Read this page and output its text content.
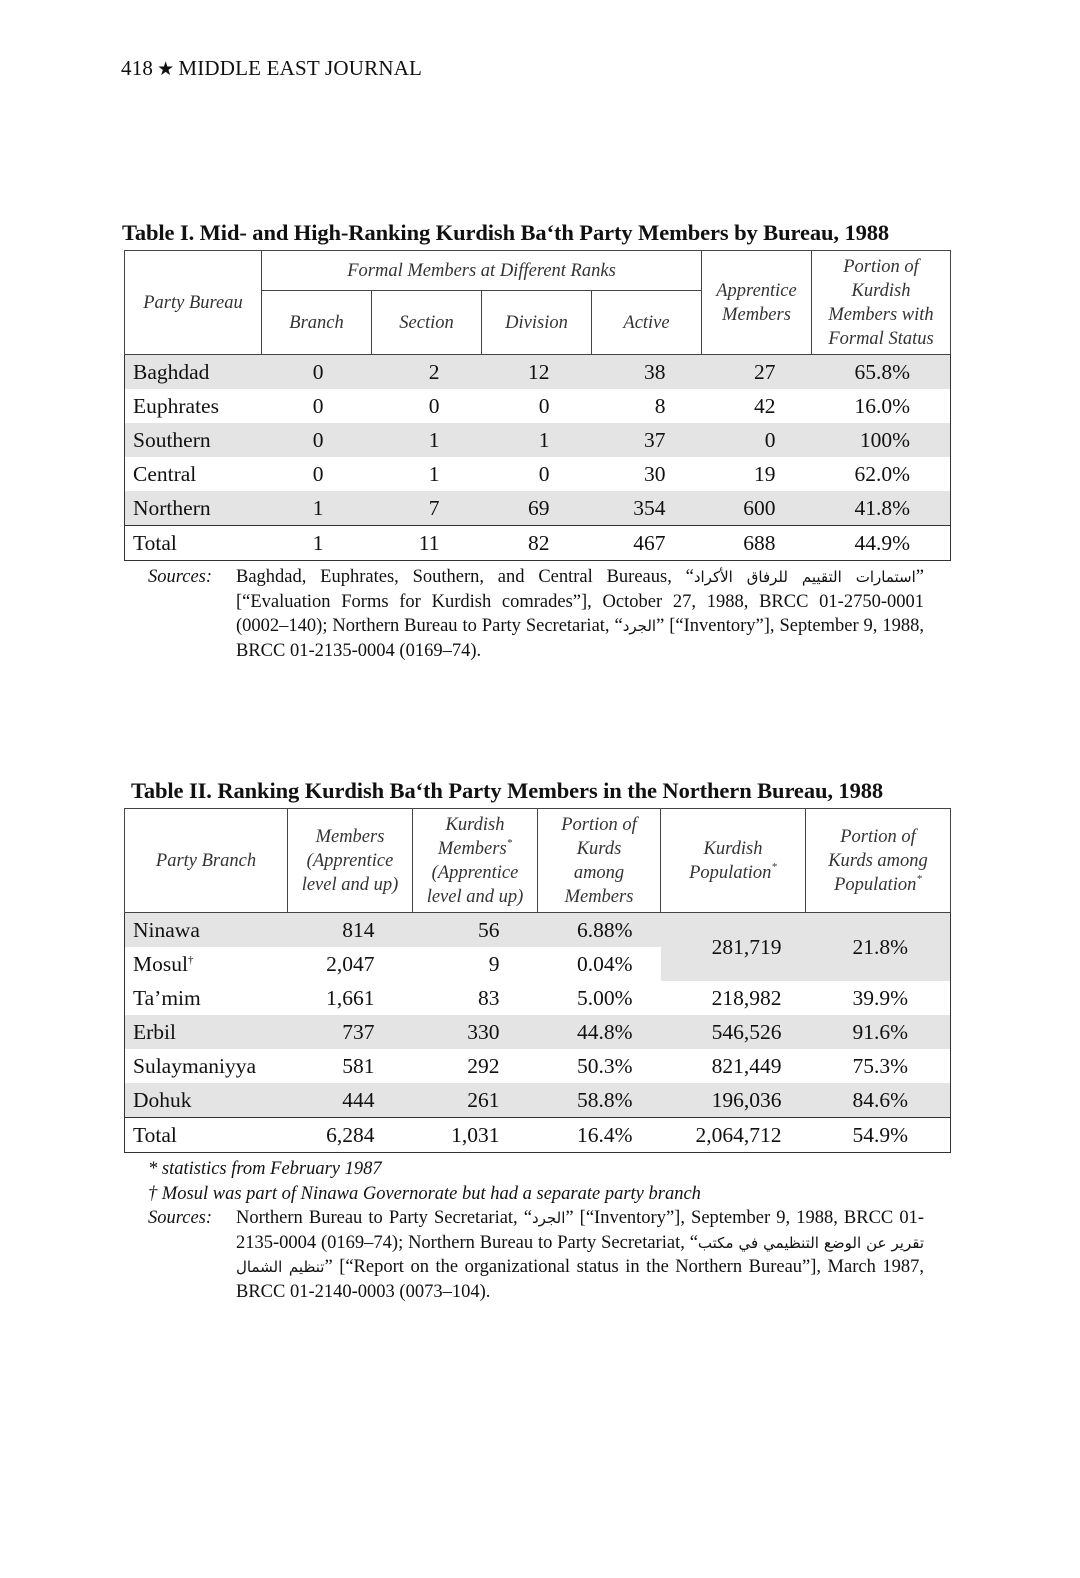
418 ★ MIDDLE EAST JOURNAL
Table I. Mid- and High-Ranking Kurdish Ba‘th Party Members by Bureau, 1988
Party Bureau	Formal Members at Different Ranks				Apprentice Members	Portion of Kurdish Members with Formal Status
	Branch	Section	Division	Active		
Baghdad	0	2	12	38	27	65.8%
Euphrates	0	0	0	8	42	16.0%
Southern	0	1	1	37	0	100%
Central	0	1	0	30	19	62.0%
Northern	1	7	69	354	600	41.8%
Total	1	11	82	467	688	44.9%
Sources:	Baghdad, Euphrates, Southern, and Central Bureaus, “استمارات التقييم للرفاق الأكراد” [“Evaluation Forms for Kurdish comrades”], October 27, 1988, BRCC 01-2750-0001 (0002–140); Northern Bureau to Party Secretariat, “الجرد” [“Inventory”], September 9, 1988, BRCC 01-2135-0004 (0169–74).
Table II. Ranking Kurdish Ba‘th Party Members in the Northern Bureau, 1988
Party Branch	Members (Apprentice level and up)	Kurdish Members* (Apprentice level and up)	Portion of Kurds among Members	Kurdish Population*	Portion of Kurds among Population*
Ninawa	814	56	6.88%	281,719	21.8%
Mosul†	2,047	9	0.04%		
Ta’mim	1,661	83	5.00%	218,982	39.9%
Erbil	737	330	44.8%	546,526	91.6%
Sulaymaniyya	581	292	50.3%	821,449	75.3%
Dohuk	444	261	58.8%	196,036	84.6%
Total	6,284	1,031	16.4%	2,064,712	54.9%
* statistics from February 1987
† Mosul was part of Ninawa Governorate but had a separate party branch
Sources:	Northern Bureau to Party Secretariat, “الجرد” [“Inventory”], September 9, 1988, BRCC 01-2135-0004 (0169–74); Northern Bureau to Party Secretariat, “تقرير عن الوضع التنظيمي في مكتب تنظيم الشمال” [“Report on the organizational status in the Northern Bureau”], March 1987, BRCC 01-2140-0003 (0073–104).
